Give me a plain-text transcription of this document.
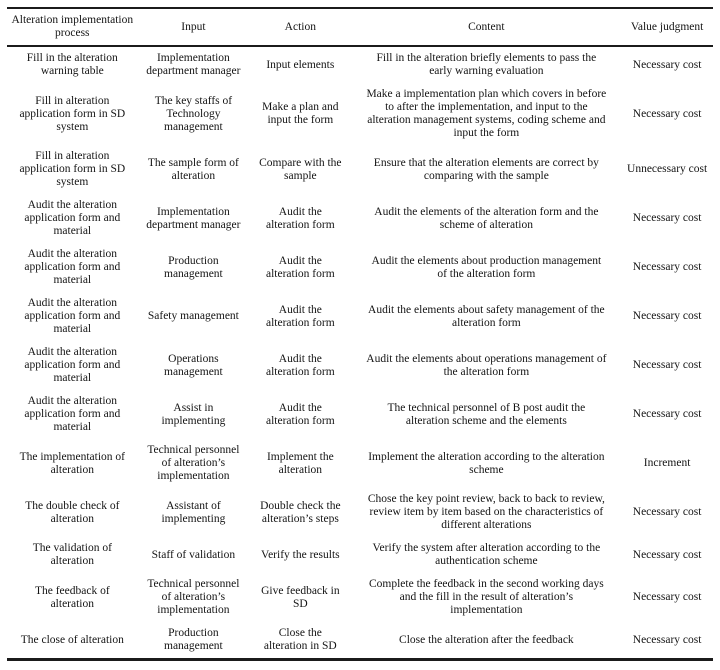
Alteration implementation process	Input	Action	Content	Value judgment
Fill in the alteration warning table	Implementation department manager	Input elements	Fill in the alteration briefly elements to pass the early warning evaluation	Necessary cost
Fill in alteration application form in SD system	The key staffs of Technology management	Make a plan and input the form	Make a implementation plan which covers in before to after the implementation, and input to the alteration management systems, coding scheme and input the form	Necessary cost
Fill in alteration application form in SD system	The sample form of alteration	Compare with the sample	Ensure that the alteration elements are correct by comparing with the sample	Unnecessary cost
Audit the alteration application form and material	Implementation department manager	Audit the alteration form	Audit the elements of the alteration form and the scheme of alteration	Necessary cost
Audit the alteration application form and material	Production management	Audit the alteration form	Audit the elements about production management of the alteration form	Necessary cost
Audit the alteration application form and material	Safety management	Audit the alteration form	Audit the elements about safety management of the alteration form	Necessary cost
Audit the alteration application form and material	Operations management	Audit the alteration form	Audit the elements about operations management of the alteration form	Necessary cost
Audit the alteration application form and material	Assist in implementing	Audit the alteration form	The technical personnel of B post audit the alteration scheme and the elements	Necessary cost
The implementation of alteration	Technical personnel of alteration’s implementation	Implement the alteration	Implement the alteration according to the alteration scheme	Increment
The double check of alteration	Assistant of implementing	Double check the alteration’s steps	Chose the key point review, back to back to review, review item by item based on the characteristics of different alterations	Necessary cost
The validation of alteration	Staff of validation	Verify the results	Verify the system after alteration according to the authentication scheme	Necessary cost
The feedback of alteration	Technical personnel of alteration’s implementation	Give feedback in SD	Complete the feedback in the second working days and the fill in the result of alteration’s implementation	Necessary cost
The close of alteration	Production management	Close the alteration in SD	Close the alteration after the feedback	Necessary cost
